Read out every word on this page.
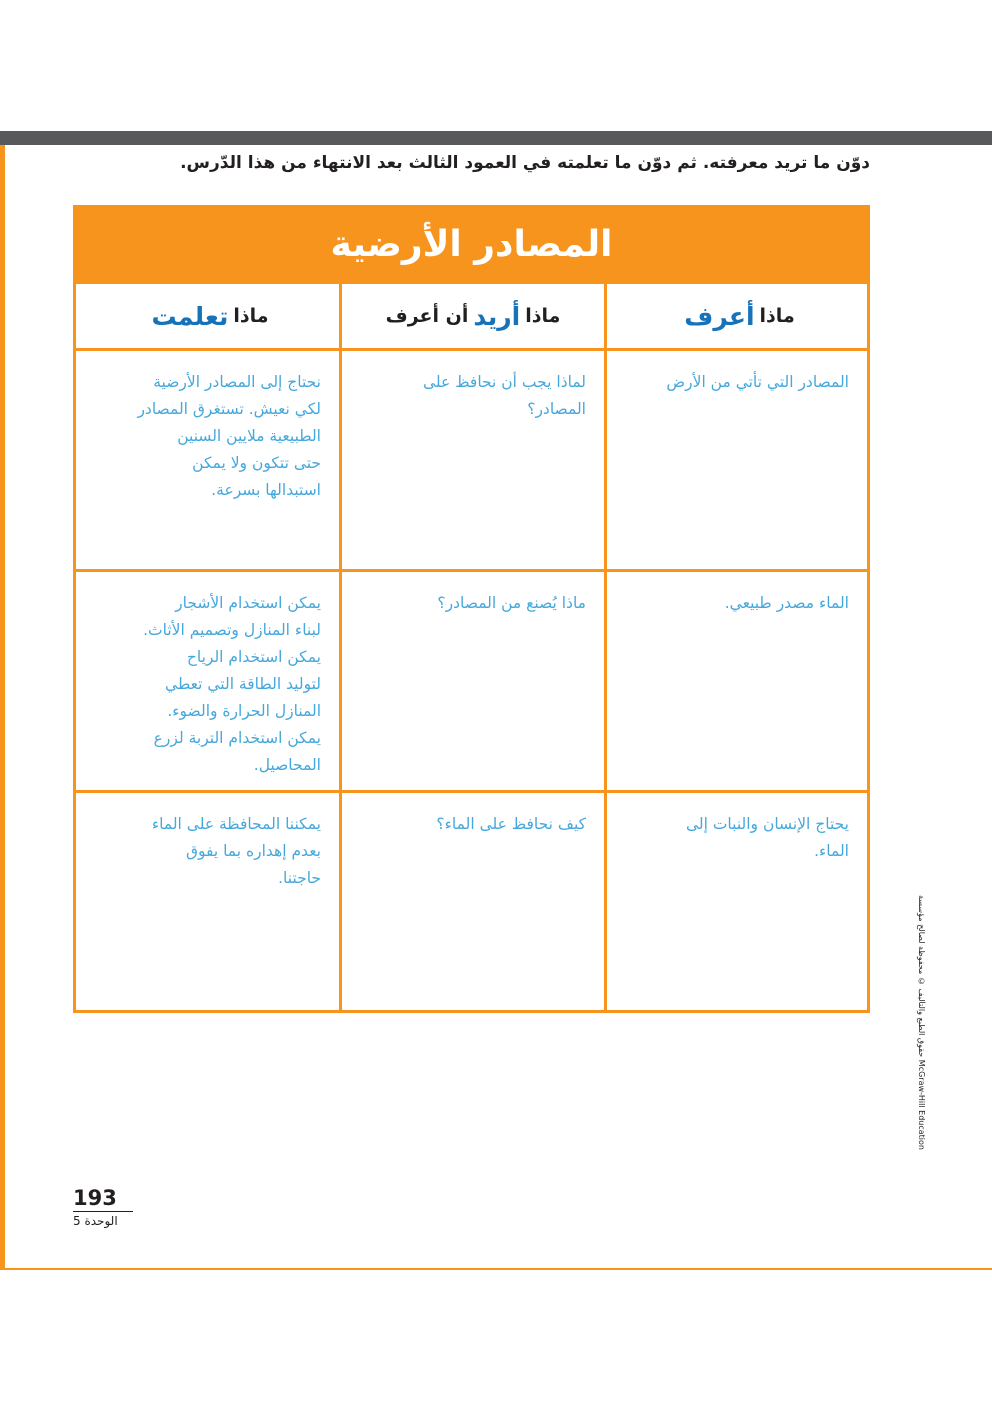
دوّن ما تريد معرفته. ثم دوّن ما تعلمته في العمود الثالث بعد الانتهاء من هذا الدّرس.
المصادر الأرضية
ماذا
أعرف
ماذا
أريد
أن أعرف
ماذا
تعلمت
المصادر التي تأتي من الأرض
لماذا يجب أن نحافظ على
المصادر؟
نحتاج إلى المصادر الأرضية
لكي نعيش. تستغرق المصادر
الطبيعية ملايين السنين
حتى تتكون ولا يمكن
استبدالها بسرعة.
الماء مصدر طبيعي.
ماذا يُصنع من المصادر؟
يمكن استخدام الأشجار
لبناء المنازل وتصميم الأثاث.
يمكن استخدام الرياح
لتوليد الطاقة التي تعطي
المنازل الحرارة والضوء.
يمكن استخدام التربة لزرع
المحاصيل.
يحتاج الإنسان والنبات إلى
الماء.
كيف نحافظ على الماء؟
يمكننا المحافظة على الماء
بعدم إهداره بما يفوق
حاجتنا.
حقوق الطبع والتأليف © محفوظة لصالح مؤسسة McGraw-Hill Education
193
الوحدة 5
